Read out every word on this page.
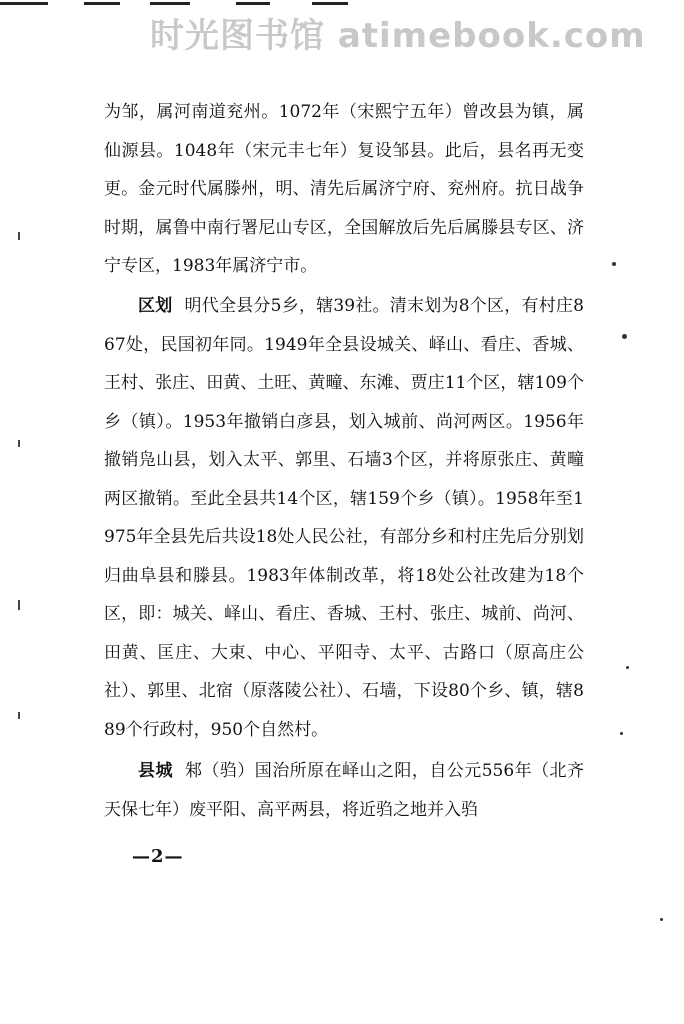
时光图书馆 atimebook.com

为邹，属河南道兖州。1072年（宋熙宁五年）曾改县为镇，属仙源县。1048年（宋元丰七年）复设邹县。此后，县名再无变更。金元时代属滕州，明、清先后属济宁府、兖州府。抗日战争时期，属鲁中南行署尼山专区，全国解放后先后属滕县专区、济宁专区，1983年属济宁市。

区划 明代全县分5乡，辖39社。清末划为8个区，有村庄867处，民国初年同。1949年全县设城关、峄山、看庄、香城、王村、张庄、田黄、土旺、黄疃、东滩、贾庄11个区，辖109个乡（镇）。1953年撤销白彦县，划入城前、尚河两区。1956年撤销凫山县，划入太平、郭里、石墙3个区，并将原张庄、黄疃两区撤销。至此全县共14个区，辖159个乡（镇）。1958年至1975年全县先后共设18处人民公社，有部分乡和村庄先后分别划归曲阜县和滕县。1983年体制改革，将18处公社改建为18个区，即：城关、峄山、看庄、香城、王村、张庄、城前、尚河、田黄、匡庄、大束、中心、平阳寺、太平、古路口（原高庄公社）、郭里、北宿（原落陵公社）、石墙，下设80个乡、镇，辖889个行政村，950个自然村。

县城 邾（驺）国治所原在峄山之阳，自公元556年（北齐天保七年）废平阳、高平两县，将近驺之地并入驺

—2—
